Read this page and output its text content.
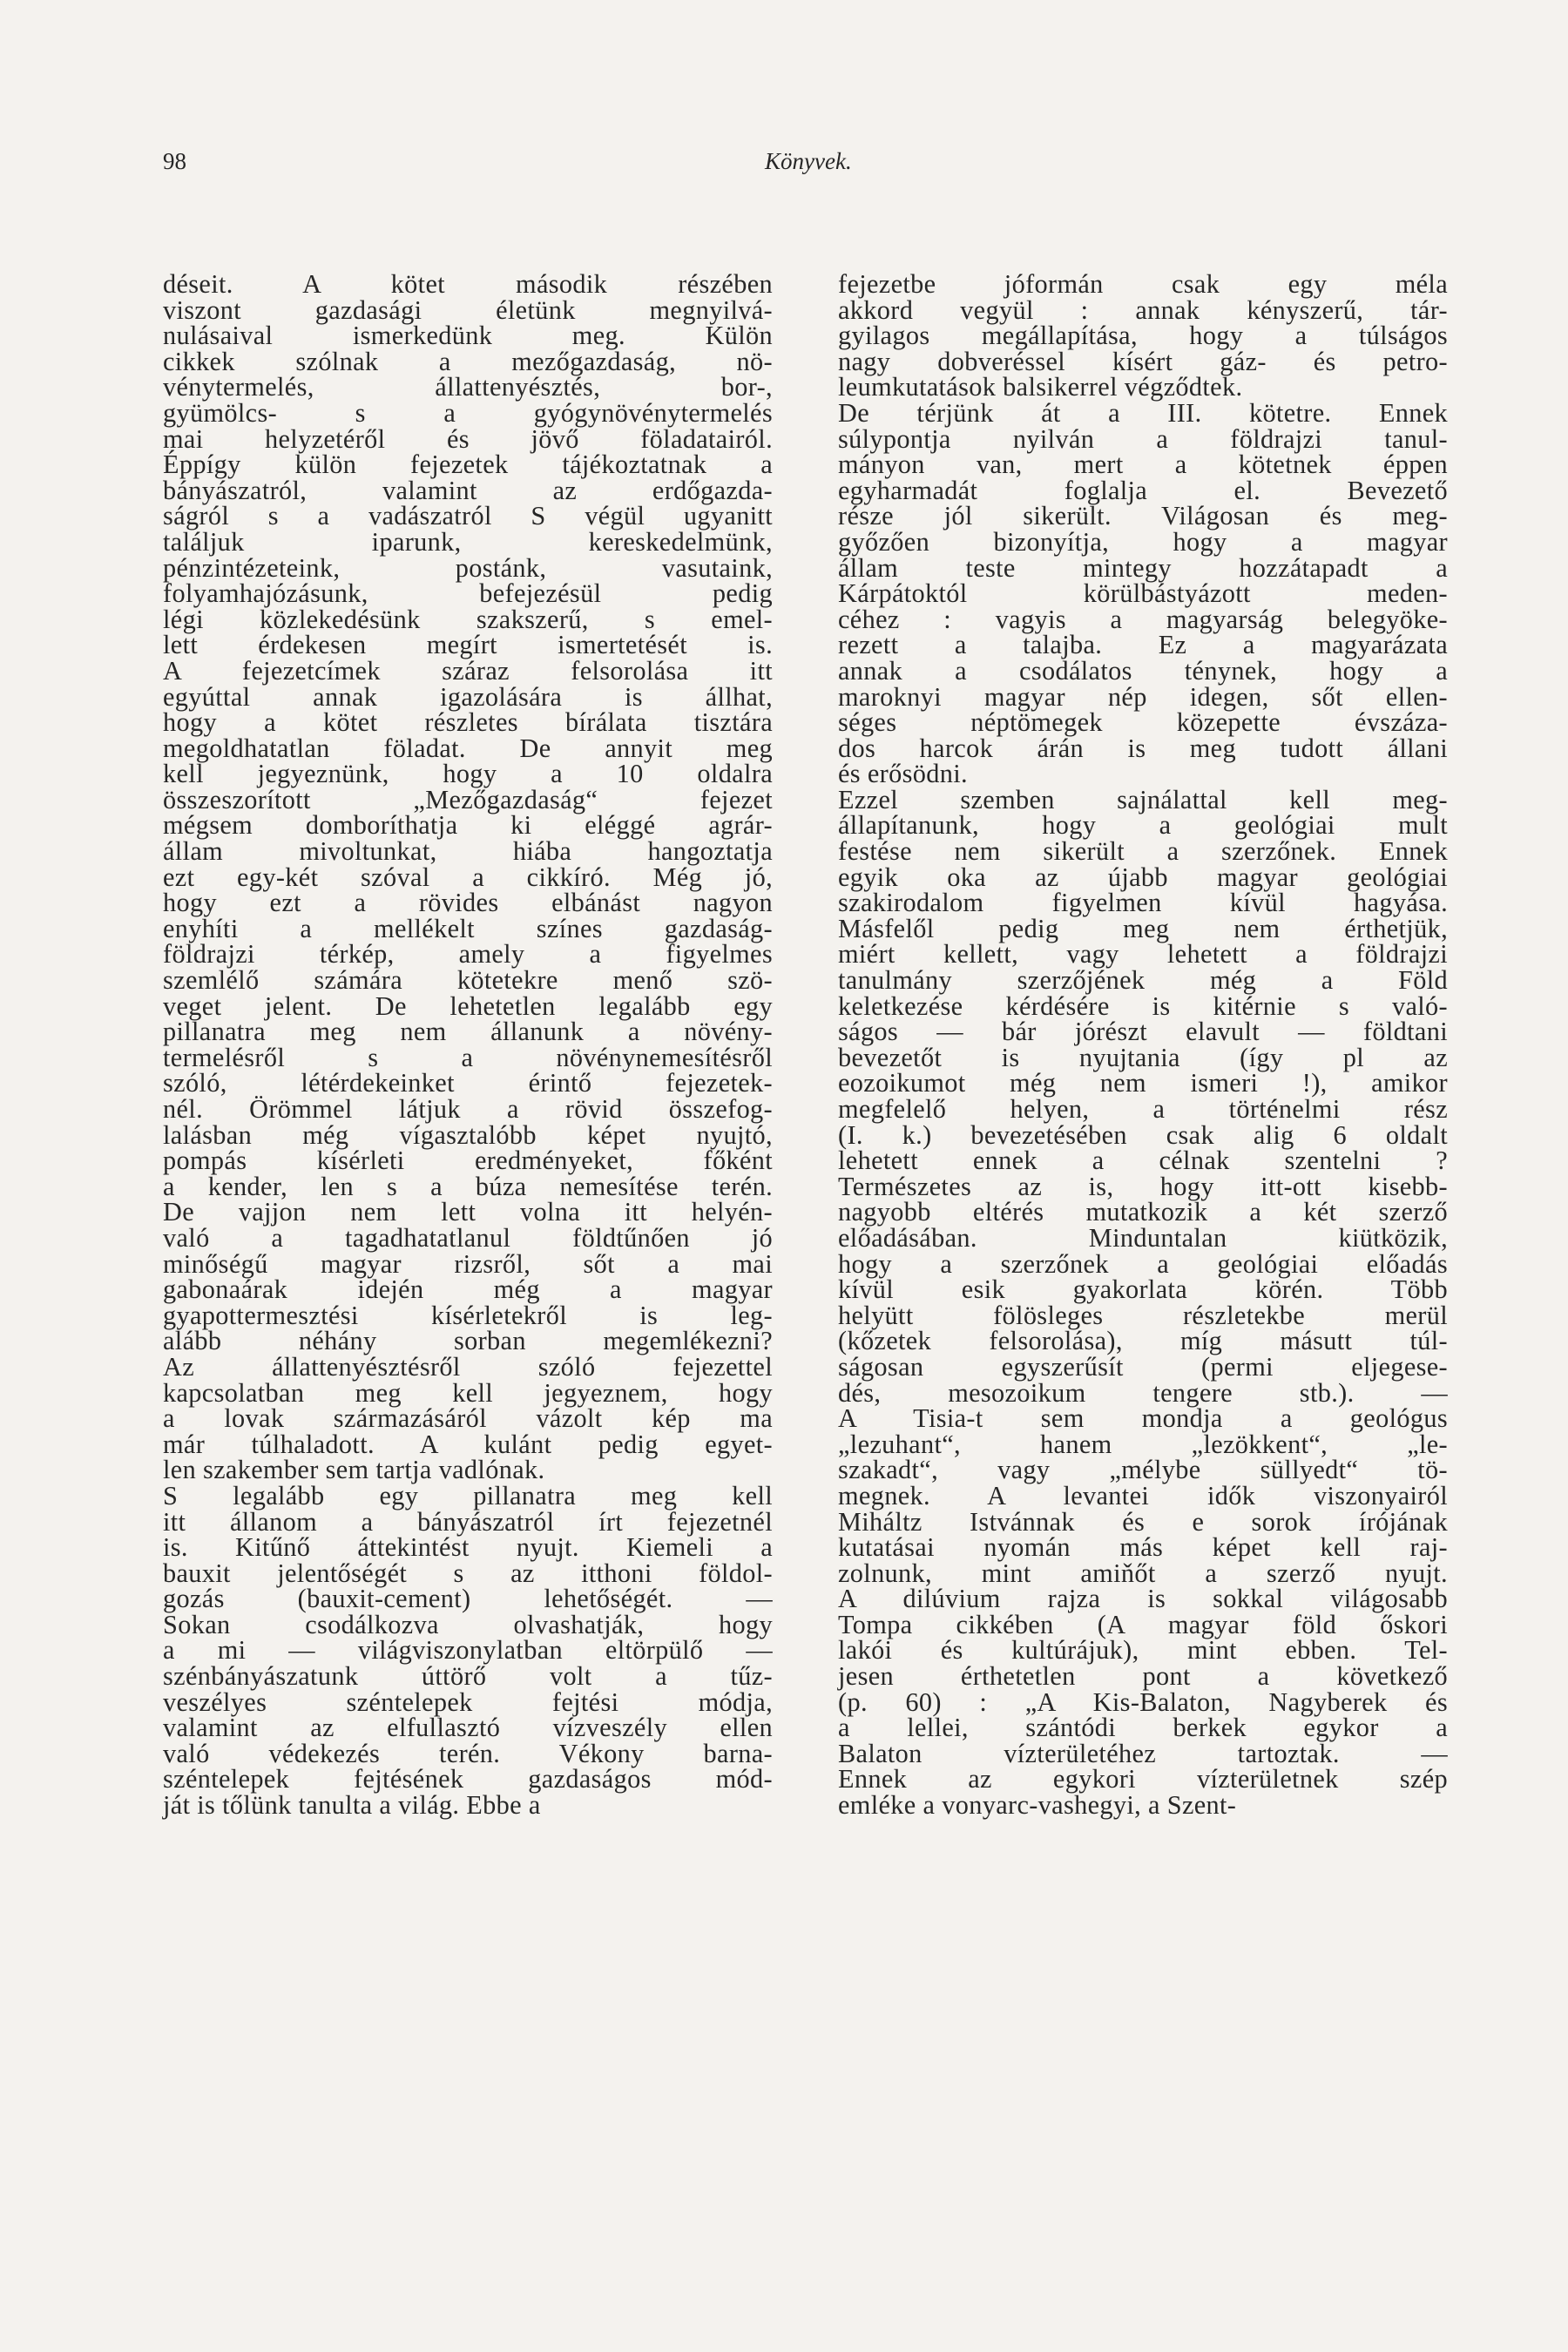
98	Könyvek.
déseit. A kötet második részében
viszont gazdasági életünk megnyilvá-
nulásaival ismerkedünk meg. Külön
cikkek szólnak a mezőgazdaság, nö-
vénytermelés, állattenyésztés, bor-,
gyümölcs- s a gyógynövénytermelés
mai helyzetéről és jövő föladatairól.
Éppígy külön fejezetek tájékoztatnak a
bányászatról, valamint az erdőgazda-
ságról s a vadászatról S végül ugyanitt
találjuk iparunk, kereskedelmünk,
pénzintézeteink, postánk, vasutaink,
folyamhajózásunk, befejezésül pedig
légi közlekedésünk szakszerű, s emel-
lett érdekesen megírt ismertetését is.
A fejezetcímek száraz felsorolása itt
egyúttal annak igazolására is állhat,
hogy a kötet részletes bírálata tisztára
megoldhatatlan föladat. De annyit meg
kell jegyeznünk, hogy a 10 oldalra
összeszorított „Mezőgazdaság“ fejezet
mégsem domboríthatja ki eléggé agrár-
állam mivoltunkat, hiába hangoztatja
ezt egy-két szóval a cikkíró. Még jó,
hogy ezt a rövides elbánást nagyon
enyhíti a mellékelt színes gazdaság-
földrajzi térkép, amely a figyelmes
szemlélő számára kötetekre menő szö-
veget jelent. De lehetetlen legalább egy
pillanatra meg nem állanunk a növény-
termelésről s a növénynemesítésről
szóló, létérdekeinket érintő fejezetek-
nél. Örömmel látjuk a rövid összefog-
lalásban még vígasztalóbb képet nyujtó,
pompás kísérleti eredményeket, főként
a kender, len s a búza nemesítése terén.
De vajjon nem lett volna itt helyén-
való a tagadhatatlanul földtűnően jó
minőségű magyar rizsről, sőt a mai
gabonaárak idején még a magyar
gyapottermesztési kísérletekről is leg-
alább néhány sorban megemlékezni?
Az állattenyésztésről szóló fejezettel
kapcsolatban meg kell jegyeznem, hogy
a lovak származásáról vázolt kép ma
már túlhaladott. A kulánt pedig egyet-
len szakember sem tartja vadlónak.
S legalább egy pillanatra meg kell
itt állanom a bányászatról írt fejezetnél
is. Kitűnő áttekintést nyujt. Kiemeli a
bauxit jelentőségét s az itthoni földol-
gozás (bauxit-cement) lehetőségét. —
Sokan csodálkozva olvashatják, hogy
a mi — világviszonylatban eltörpülő —
szénbányászatunk úttörő volt a tűz-
veszélyes széntelepek fejtési módja,
valamint az elfullasztó vízveszély ellen
való védekezés terén. Vékony barna-
széntelepek fejtésének gazdaságos mód-
ját is tőlünk tanulta a világ. Ebbe a
fejezetbe jóformán csak egy méla
akkord vegyül : annak kényszerű, tár-
gyilagos megállapítása, hogy a túlságos
nagy dobveréssel kísért gáz- és petro-
leumkutatások balsikerrel végződtek.
De térjünk át a III. kötetre. Ennek
súlypontja nyilván a földrajzi tanul-
mányon van, mert a kötetnek éppen
egyharmadát foglalja el. Bevezető
része jól sikerült. Világosan és meg-
győzően bizonyítja, hogy a magyar
állam teste mintegy hozzátapadt a
Kárpátoktól körülbástyázott meden-
céhez : vagyis a magyarság belegyöke-
rezett a talajba. Ez a magyarázata
annak a csodálatos ténynek, hogy a
maroknyi magyar nép idegen, sőt ellen-
séges néptömegek közepette évszáza-
dos harcok árán is meg tudott állani
és erősödni.
Ezzel szemben sajnálattal kell meg-
állapítanunk, hogy a geológiai mult
festése nem sikerült a szerzőnek. Ennek
egyik oka az újabb magyar geológiai
szakirodalom figyelmen kívül hagyása.
Másfelől pedig meg nem érthetjük,
miért kellett, vagy lehetett a földrajzi
tanulmány szerzőjének még a Föld
keletkezése kérdésére is kitérnie s való-
ságos — bár jórészt elavult — földtani
bevezetőt is nyujtania (így pl az
eozoikumot még nem ismeri !), amikor
megfelelő helyen, a történelmi rész
(I. k.) bevezetésében csak alig 6 oldalt
lehetett ennek a célnak szentelni ?
Természetes az is, hogy itt-ott kisebb-
nagyobb eltérés mutatkozik a két szerző
előadásában. Minduntalan kiütközik,
hogy a szerzőnek a geológiai előadás
kívül esik gyakorlata körén. Több
helyütt fölösleges részletekbe merül
(kőzetek felsorolása), míg másutt túl-
ságosan egyszerűsít (permi eljegese-
dés, mesozoikum tengere stb.). —
A Tisia-t sem mondja a geológus
„lezuhant“, hanem „lezökkent“, „le-
szakadt“, vagy „mélybe süllyedt“ tö-
megnek. A levantei idők viszonyairól
Miháltz Istvánnak és e sorok írójának
kutatásai nyomán más képet kell raj-
zolnunk, mint amiňőt a szerző nyujt.
A dilúvium rajza is sokkal világosabb
Tompa cikkében (A magyar föld őskori
lakói és kultúrájuk), mint ebben. Tel-
jesen érthetetlen pont a következő
(p. 60) : „A Kis-Balaton, Nagyberek és
a lellei, szántódi berkek egykor a
Balaton vízterületéhez tartoztak. —
Ennek az egykori vízterületnek szép
emléke a vonyarc-vashegyi, a Szent-
